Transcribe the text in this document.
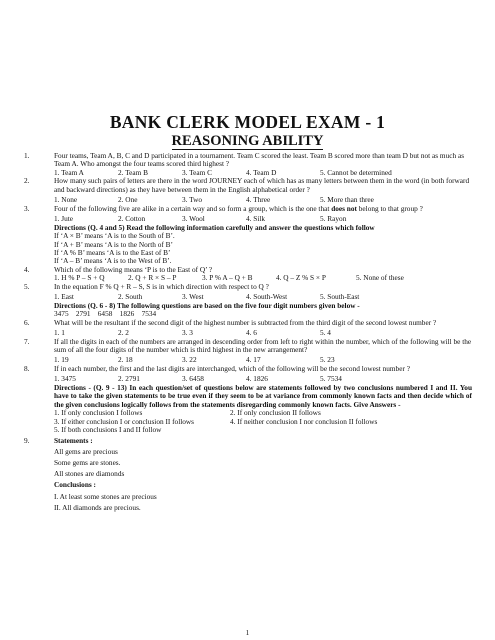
BANK CLERK MODEL EXAM - 1
REASONING ABILITY
1.	Four teams, Team A, B, C and D participated in a tournament. Team C scored the least. Team B scored more than team D but not as much as Team A. Who amongst the four teams scored third highest ?
1. Team A	2. Team B	3. Team C	4. Team D	5. Cannot be determined
2.	How many such pairs of letters are there in the word JOURNEY each of which has as many letters between them in the word (in both forward and backward directions) as they have between them in the English alphabetical order ?
1. None	2. One	3. Two	4. Three	5. More than three
3.	Four of the following five are alike in a certain way and so form a group, which is the one that does not belong to that group ?
1. Jute	2. Cotton	3. Wool	4. Silk	5. Rayon
Directions (Q. 4 and 5) Read the following information carefully and answer the questions which follow
If ‘A × B’ means ‘A is to the South of B’.
If ‘A + B’ means ‘A is to the North of B’
If ‘A % B’ means ‘A is to the East of B’
If ‘A – B’ means ‘A is to the West of B’.
4.	Which of the following means ‘P is to the East of Q’ ?
1. H % P – S + Q	2. Q + R × S – P	3. P % A – Q + B	4. Q – Z % S × P	5. None of these
5.	In the equation F % Q + R – S, S is in which direction with respect to Q ?
1. East	2. South	3. West	4. South-West	5. South-East
Directions (Q. 6 - 8) The following questions are based on the five four digit numbers given below -
3475    2791    6458    1826    7534
6.	What will be the resultant if the second digit of the highest number is subtracted from the third digit of the second lowest number ?
1. 1	2. 2	3. 3	4. 6	5. 4
7.	If all the digits in each of the numbers are arranged in descending order from left to right within the number, which of the following will be the sum of all the four digits of the number which is third highest in the new arrangement?
1. 19	2. 18	3. 22	4. 17	5. 23
8.	If in each number, the first and the last digits are interchanged, which of the following will be the second lowest number ?
1. 3475	2. 2791	3. 6458	4. 1826	5. 7534
Directions - (Q. 9 - 13) In each question/set of questions below are statements followed by two conclusions numbered I and II. You have to take the given statements to be true even if they seem to be at variance from commonly known facts and then decide which of the given conclusions logically follows from the statements disregarding commonly known facts. Give Answers -
1. If only conclusion I follows	2. If only conclusion II follows
3. If either conclusion I or conclusion II follows	4. If neither conclusion I nor conclusion II follows
5. If both conclusions I and II follow
9.	Statements :
All gems are precious
Some gems are stones.
All stones are diamonds
Conclusions :
I. At least some stones are precious
II. All diamonds are precious.
1
